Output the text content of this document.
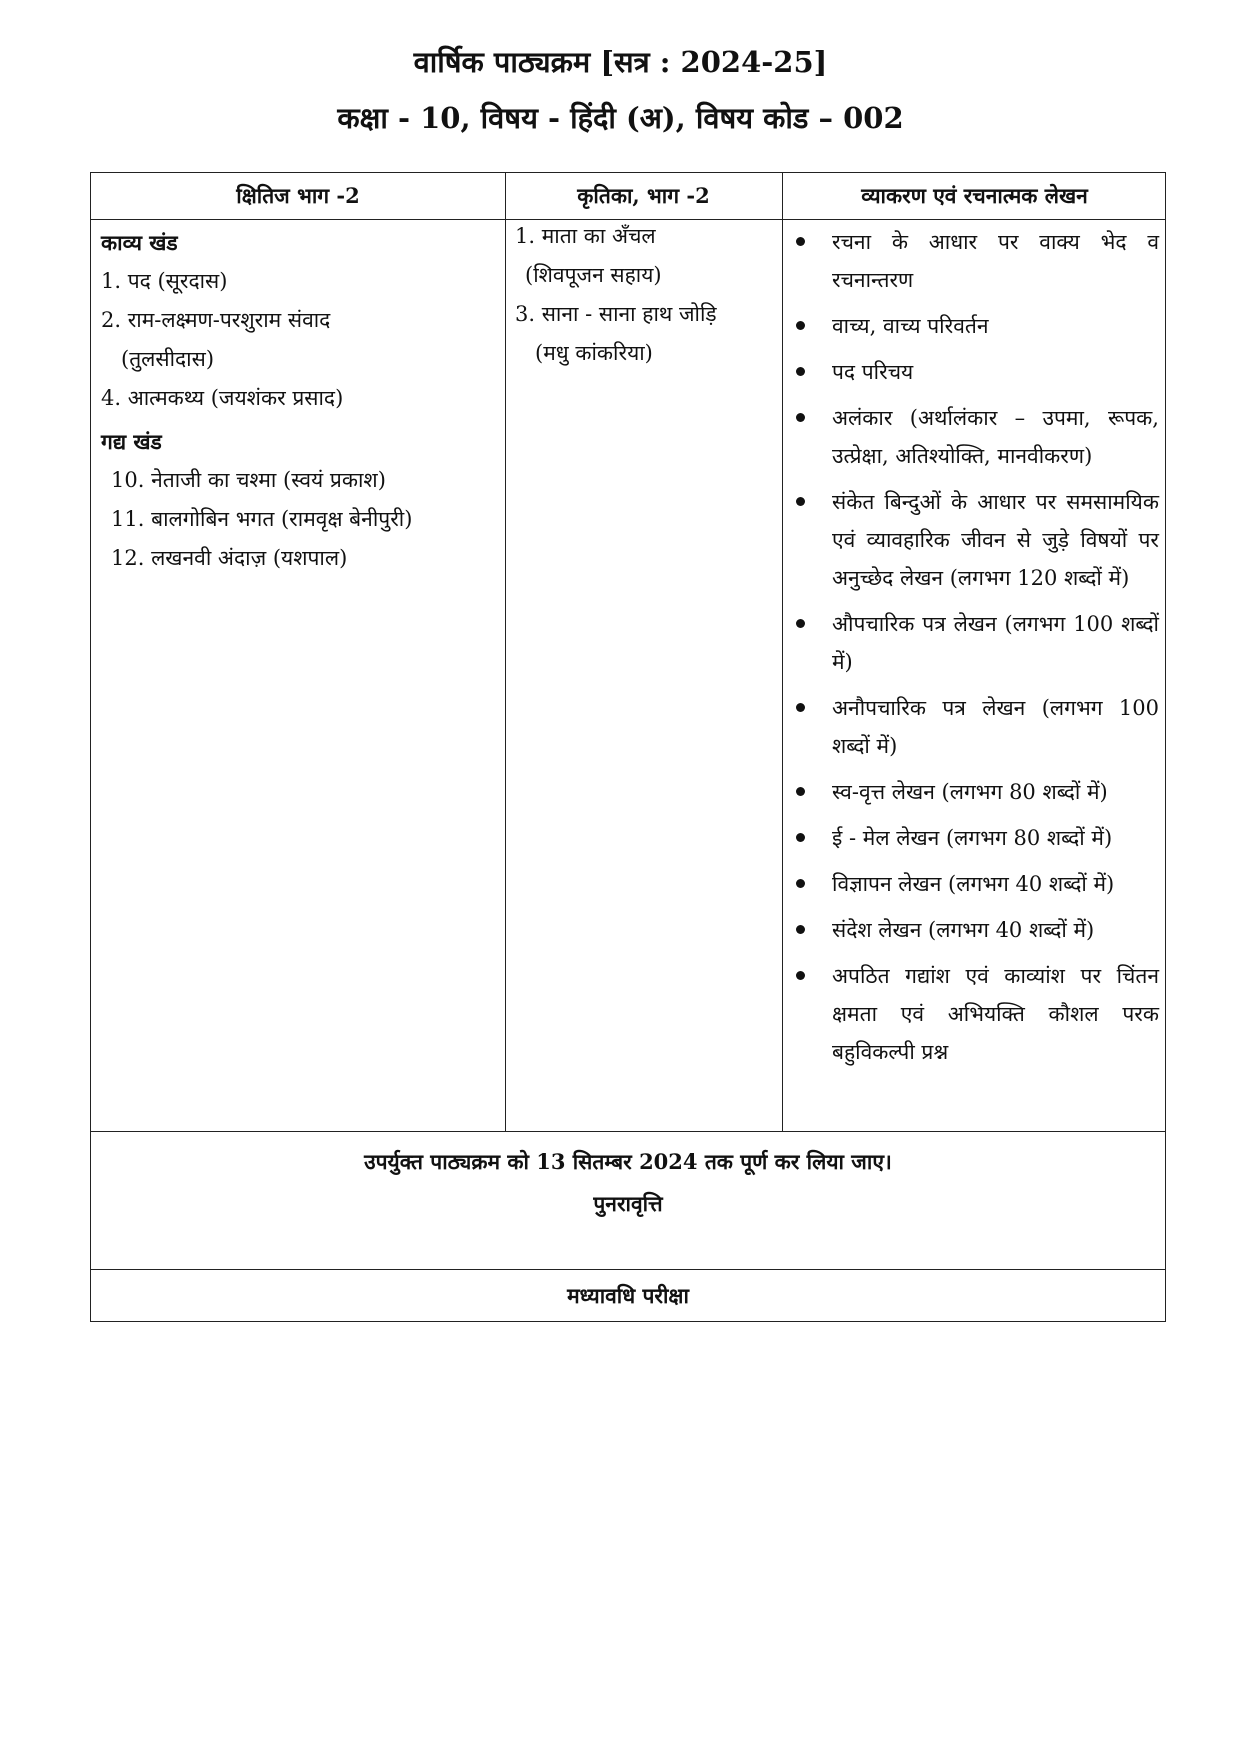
वार्षिक पाठ्यक्रम [सत्र : 2024-25]
कक्षा - 10, विषय - हिंदी (अ), विषय कोड – 002
क्षितिज भाग -2	कृतिका, भाग -2	व्याकरण एवं रचनात्मक लेखन

काव्य खंड

1. पद (सूरदास)

2. राम-लक्ष्मण-परशुराम संवाद

(तुलसीदास)

4. आत्मकथ्य (जयशंकर प्रसाद)

गद्य खंड

10. नेताजी का चश्मा (स्वयं प्रकाश)

11. बालगोबिन भगत (रामवृक्ष बेनीपुरी)

12. लखनवी अंदाज़ (यशपाल)

1. माता का अँचल

(शिवपूजन सहाय)

3. साना - साना हाथ जोड़ि

(मधु कांकरिया)

रचना के आधार पर वाक्य भेद व रचनान्तरण
वाच्य, वाच्य परिवर्तन
पद परिचय
अलंकार (अर्थालंकार – उपमा, रूपक, उत्प्रेक्षा, अतिश्योक्ति, मानवीकरण)
संकेत बिन्दुओं के आधार पर समसामयिक एवं व्यावहारिक जीवन से जुड़े विषयों पर अनुच्छेद लेखन (लगभग 120 शब्दों में)
औपचारिक पत्र लेखन (लगभग 100 शब्दों में)
अनौपचारिक पत्र लेखन (लगभग 100 शब्दों में)
स्व-वृत्त लेखन (लगभग 80 शब्दों में)
ई - मेल लेखन (लगभग 80 शब्दों में)
विज्ञापन लेखन (लगभग 40 शब्दों में)
संदेश लेखन (लगभग 40 शब्दों में)
अपठित गद्यांश एवं काव्यांश पर चिंतन क्षमता एवं अभियक्ति कौशल परक बहुविकल्पी प्रश्न
उपर्युक्त पाठ्यक्रम को 13 सितम्बर 2024 तक पूर्ण कर लिया जाए।
पुनरावृत्ति
मध्यावधि परीक्षा
